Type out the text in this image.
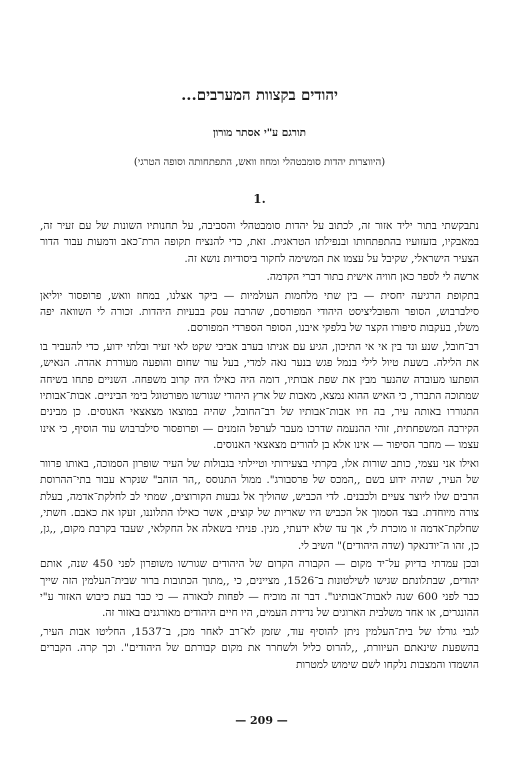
יהודים בקצוות המערבים...
תורגם ע"י אסתר מורון
(היווצרות יהדות סומבטהלי ומחוז וואש, התפתחותה וסופה הטרגי)
.1

נתבקשתי בתור יליד אזור זה, לכתוב על יהדות סומבטהלי והסביבה, על תחנותיו השונות של עם זעיר זה, במאבקיו, בזעזועיו בהתפתחותו ובנפילתו הטראגית. זאת, כדי להנציח תקופה הרת־כאב ודמעות עבור הדור הצעיר הישראלי, שקיבל על עצמו את המשימה לחקור ביסודיות נושא זה.

ארשה לי לספר כאן חוויה אישית בתור דברי הקדמה.

בתקופת הרגיעה יחסית — בין שתי מלחמות העולמיות — ביקר אצלנו, במחוז וואש, פרופסור יוליאן סילברבוש, הסופר והפובליציסט היהודי המפורסם, שהרבה עסק בבעיות היהדות. זכורה לי השוואה יפה משלו, בעקבות סיפורו הקצר של בלפקי איבנו, הסופר הספרדי המפורסם.

רב־חובל, שנע ונד בין אי אי התיכון, הגיע עם אניתו בערב אביבי שקט לאי זעיר ובלתי ידוע, כדי להעביר בו את הלילה. בשעת טיול לילי בנמל פגש בנער נאה למדי, בעל עור שחום והופעה מעוררת אהדה. הנאיש, הופתעו מעובדה שהנער מבין את שפת אבותיו, דומה היה כאילו היה קרוב משפחה. השניים פתחו בשיחה שמתוכה התברר, כי האיש ההוא נמצא, מאבות של ארץ היהודי שגורשו מפורטוגל בימי הביניים. אבות־אבותיו התגוררו באותה עיר, בה חיו אבות־אבותיו של רב־החובל, שהיה במוצאו מצאצאי האנוסים. כן מבינים הקירבה המשפחתית, זוהי ההנעמה שדרכו מעבר לערפל הזמנים — ופרופסור סילברבוש עוד הוסיף, כי אינו עצמו — מחבר הסיפור — אינו אלא בן להורים מצאצאי האנוסים.

ואילו אני עצמי, כותב שורות אלו, בקרתי בצעירותי וטיילתי בגבולות של העיר שופרון הסמוכה, באותו פרוור של העיר, שהיה ידוע בשם ,,המכס של פרסבורג". ממול התנוסס ,,הר הזהב" שנקרא עבור בתי־ההרוסת הרבים שלו ליוצר צעיים ולכבנים. לדי הכביש, שהוליך אל גבעות הקורוצים, שמתי לב לחלקת־אדמה, בעלת צורה מיוחדת. בצד הסמוך אל הכביש היו שאריות של קוצים, אשר כאילו התלוננו, זעקו את כאבם. חשתי, שחלקת־אדמה זו מוכרת לי, אך עד שלא ידעתי, מנין. פניתי בשאלה אל החקלאי, שעבד בקרבת מקום, ,,גן, כן, זהו ה־יודנאקר (שדה היהודים)" השיב לי.

ובכן עמדתי בדיוק על־יד מקום — הקבורה הקדום של היהודים שגורשו משופרון לפני 450 שנה, אותם יהודים, שבתלונתם שגישו לשילטונות ב־1526, מציינים, כי ,,מתוך הכתובות ברור שבית־העלמין הזה שייך כבר לפני 600 שנה לאבות־אבותינו". דבר זה מוכיח — לפחות לכאורה — כי כבר בעת כיבוש האזור ע"י ההונגרים, או אחד משלבית הארוגים של נדידת העמים, היו חיים היהודים מאורגנים באזור זה.

לגבי גורלו של בית־העלמין ניתן להוסיף עוד, שזמן לא־רב לאחר מכן, ב־1537, החליטו אבות העיר, בהשפעת שינאתם העיוורת, ,,להרוס כליל ולשחרר את מקום קבורתם של היהודים". וכך קרה. הקברים הושמדו והמצבות נלקחו לשם שימוש למטרות

— 209 —
